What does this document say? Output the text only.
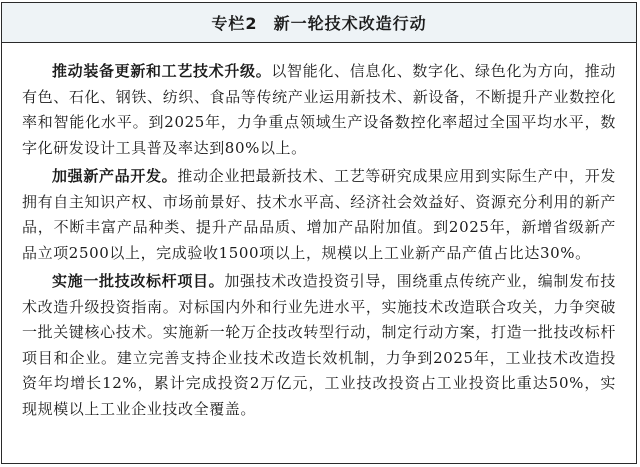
专栏2 新一轮技术改造行动

推动装备更新和工艺技术升级。以智能化、信息化、数字化、绿色化为方向，推动有色、石化、钢铁、纺织、食品等传统产业运用新技术、新设备，不断提升产业数控化率和智能化水平。到2025年，力争重点领域生产设备数控化率超过全国平均水平，数字化研发设计工具普及率达到80%以上。

加强新产品开发。推动企业把最新技术、工艺等研究成果应用到实际生产中，开发拥有自主知识产权、市场前景好、技术水平高、经济社会效益好、资源充分利用的新产品，不断丰富产品种类、提升产品品质、增加产品附加值。到2025年，新增省级新产品立项2500以上，完成验收1500项以上，规模以上工业新产品产值占比达30%。

实施一批技改标杆项目。加强技术改造投资引导，围绕重点传统产业，编制发布技术改造升级投资指南。对标国内外和行业先进水平，实施技术改造联合攻关，力争突破一批关键核心技术。实施新一轮万企技改转型行动，制定行动方案，打造一批技改标杆项目和企业。建立完善支持企业技术改造长效机制，力争到2025年，工业技术改造投资年均增长12%，累计完成投资2万亿元，工业技改投资占工业投资比重达50%，实现规模以上工业企业技改全覆盖。
